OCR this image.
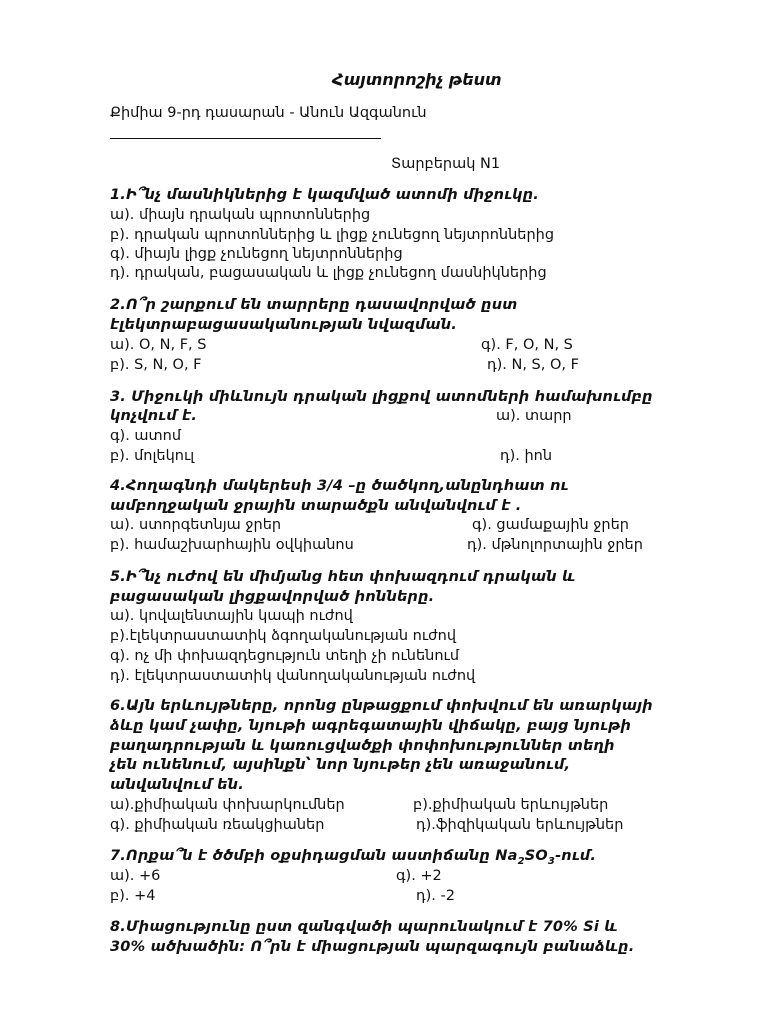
Հայտորոշիչ թեստ
Քիմիա 9-րդ դասարան - Անուն Ազգանուն
Տարբերակ N1
1.Ի՞նչ մասնիկներից է կազմված ատոմի միջուկը.
ա). միայն դրական պրոտոններից
բ). դրական պրոտոններից և լիցք չունեցող նեյտրոններից
գ). միայն լիցք չունեցող նեյտրոններից
դ). դրական, բացասական և լիցք չունեցող մասնիկներից
2.Ո՞ր շարքում են տարրերը դասավորված ըստ
էլեկտրաբացասականության նվազման.
ա). O, N, F, S	գ). F, O, N, S
բ). S, N, O, F	դ). N, S, O, F
3. Միջուկի միևնույն դրական լիցքով ատոմների համախումբը
կոչվում է.	ա). տարր
գ). ատոմ
բ). մոլեկուլ	դ). իոն
4.Հողագնդի մակերեսի 3/4 –ը ծածկող,անընդհատ ու
ամբողջական ջրային տարածքն անվանվում է .
ա). ստորգետնյա ջրեր	գ). ցամաքային ջրեր
բ). համաշխարհային օվկիանոս	դ). մթնոլորտային ջրեր
5.Ի՞նչ ուժով են միմյանց հետ փոխազդում դրական և
բացասական լիցքավորված իոնները.
ա). կովալենտային կապի ուժով
բ).էլեկտրաստատիկ ձգողականության ուժով
գ). ոչ մի փոխազդեցություն տեղի չի ունենում
դ). էլեկտրաստատիկ վանողականության ուժով
6.Այն երևույթները, որոնց ընթացքում փոխվում են առարկայի
ձևը կամ չափը, նյութի ագրեգատային վիճակը, բայց նյութի
բաղադրության և կառուցվածքի փոփոխություններ տեղի
չեն ունենում, այսինքն՝ նոր նյութեր չեն առաջանում,
անվանվում են.
ա).քիմիական փոխարկումներ	բ).քիմիական երևույթներ
գ). քիմիական ռեակցիաներ	դ).ֆիզիկական երևույթներ
7.Որքա՞ն է ծծմբի օքսիդացման աստիճանը $Na_2SO_3$-ում.
ա). +6	գ). +2
բ). +4	դ). -2
8.Միացությունը ըստ զանգվածի պարունակում է 70% Si և
30% ածխածին: Ո՞րն է միացության պարզագույն բանաձևը.
